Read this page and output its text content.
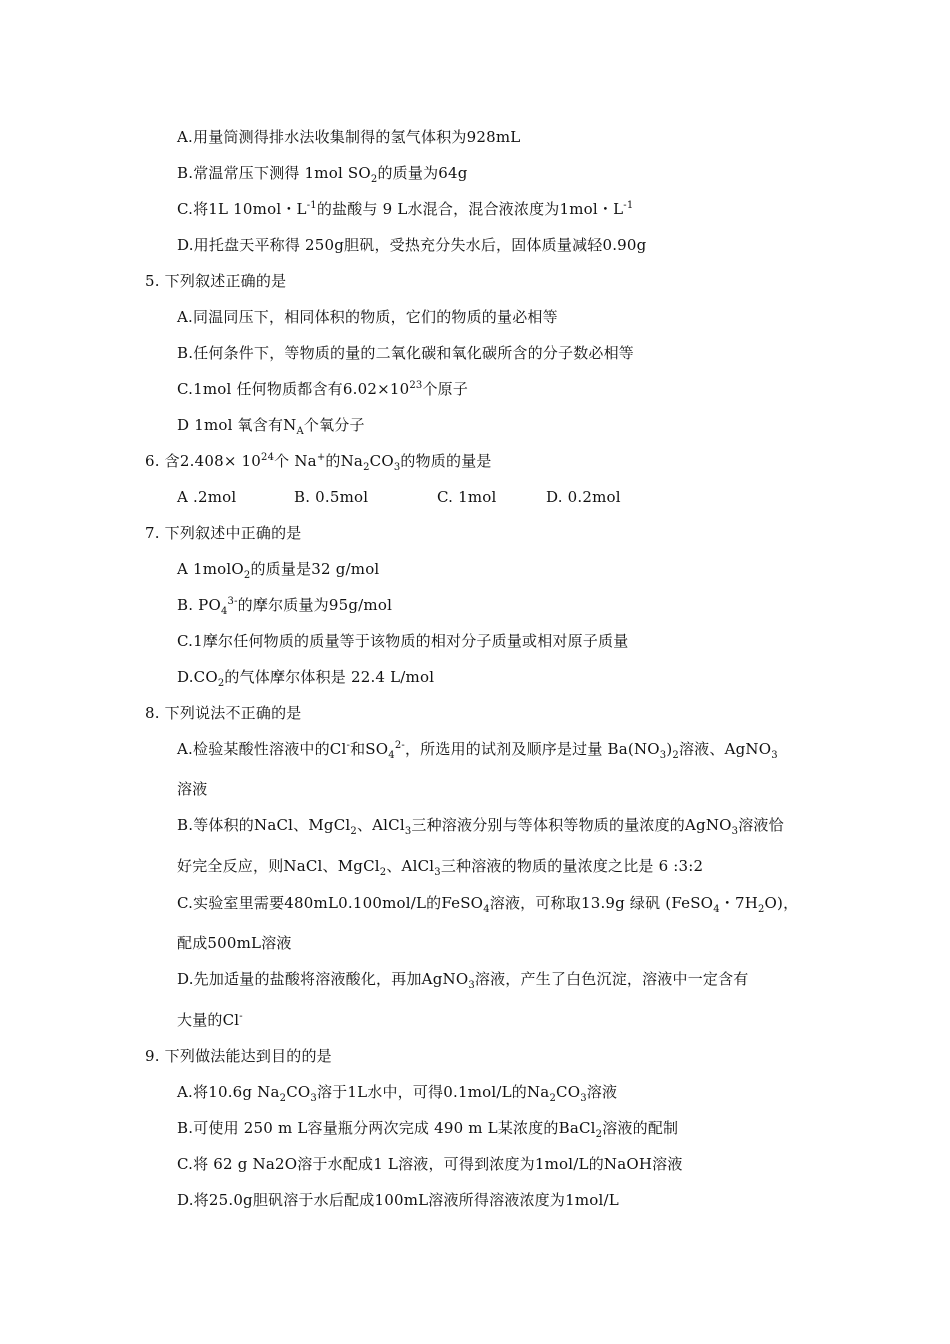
A.用量筒测得排水法收集制得的氢气体积为928mL
B.常温常压下测得 1mol $SO_2$的质量为64g
C.将1L 10mol・$L^{-1}$的盐酸与 9 L水混合，混合液浓度为1mol・$L^{-1}$
D.用托盘天平称得 250g胆矾，受热充分失水后，固体质量减轻0.90g
5. 下列叙述正确的是
A.同温同压下，相同体积的物质，它们的物质的量必相等
B.任何条件下，等物质的量的二氧化碳和氧化碳所含的分子数必相等
C.1mol 任何物质都含有$6.02\times 10^{23}$个原子
D 1mol 氧含有$N_A$个氧分子
6. 含$2.408\times 10^{24}$个 Na+的$Na_2CO_3$的物质的量是
A .2mol	B. 0.5mol	C. 1mol	D. 0.2mol
7. 下列叙述中正确的是
A 1molO$_2$的质量是32 g/mol
B. $PO_4^{3-}$的摩尔质量为95g/mol
C.1摩尔任何物质的质量等于该物质的相对分子质量或相对原子质量
$D.CO_2$的气体摩尔体积是 22.4 L/mol
8. 下列说法不正确的是
A.检验某酸性溶液中的Cl-和$SO_4^{2-}$，所选用的试剂及顺序是过量 $Ba(NO_3)_2$溶液、AgNO$_3$
溶液
B.等体积的NaCl、MgCl$_2$、AlCl$_3$三种溶液分别与等体积等物质的量浓度的AgNO$_3$溶液恰
好完全反应，则NaCl、MgCl$_2$、AlCl$_3$三种溶液的物质的量浓度之比是 6 :3:2
C.实验室里需要480mL0.100mol/L的FeSO$_4$溶液，可称取13.9g 绿矾 (FeSO$_4$・$7H_2O$)，
配成500mL溶液
D.先加适量的盐酸将溶液酸化，再加AgNO$_3$溶液，产生了白色沉淀，溶液中一定含有
大量的Cl-
9. 下列做法能达到目的的是
A.将10.6g $Na_2CO_3$溶于1L水中，可得0.1mol/L的$Na_2CO_3$溶液
B.可使用 250 m L容量瓶分两次完成 490 m L某浓度的BaCl$_2$溶液的配制
C.将 62 g Na2O溶于水配成1 L溶液，可得到浓度为1mol/L的NaOH溶液
D.将25.0g胆矾溶于水后配成100mL溶液所得溶液浓度为1mol/L
